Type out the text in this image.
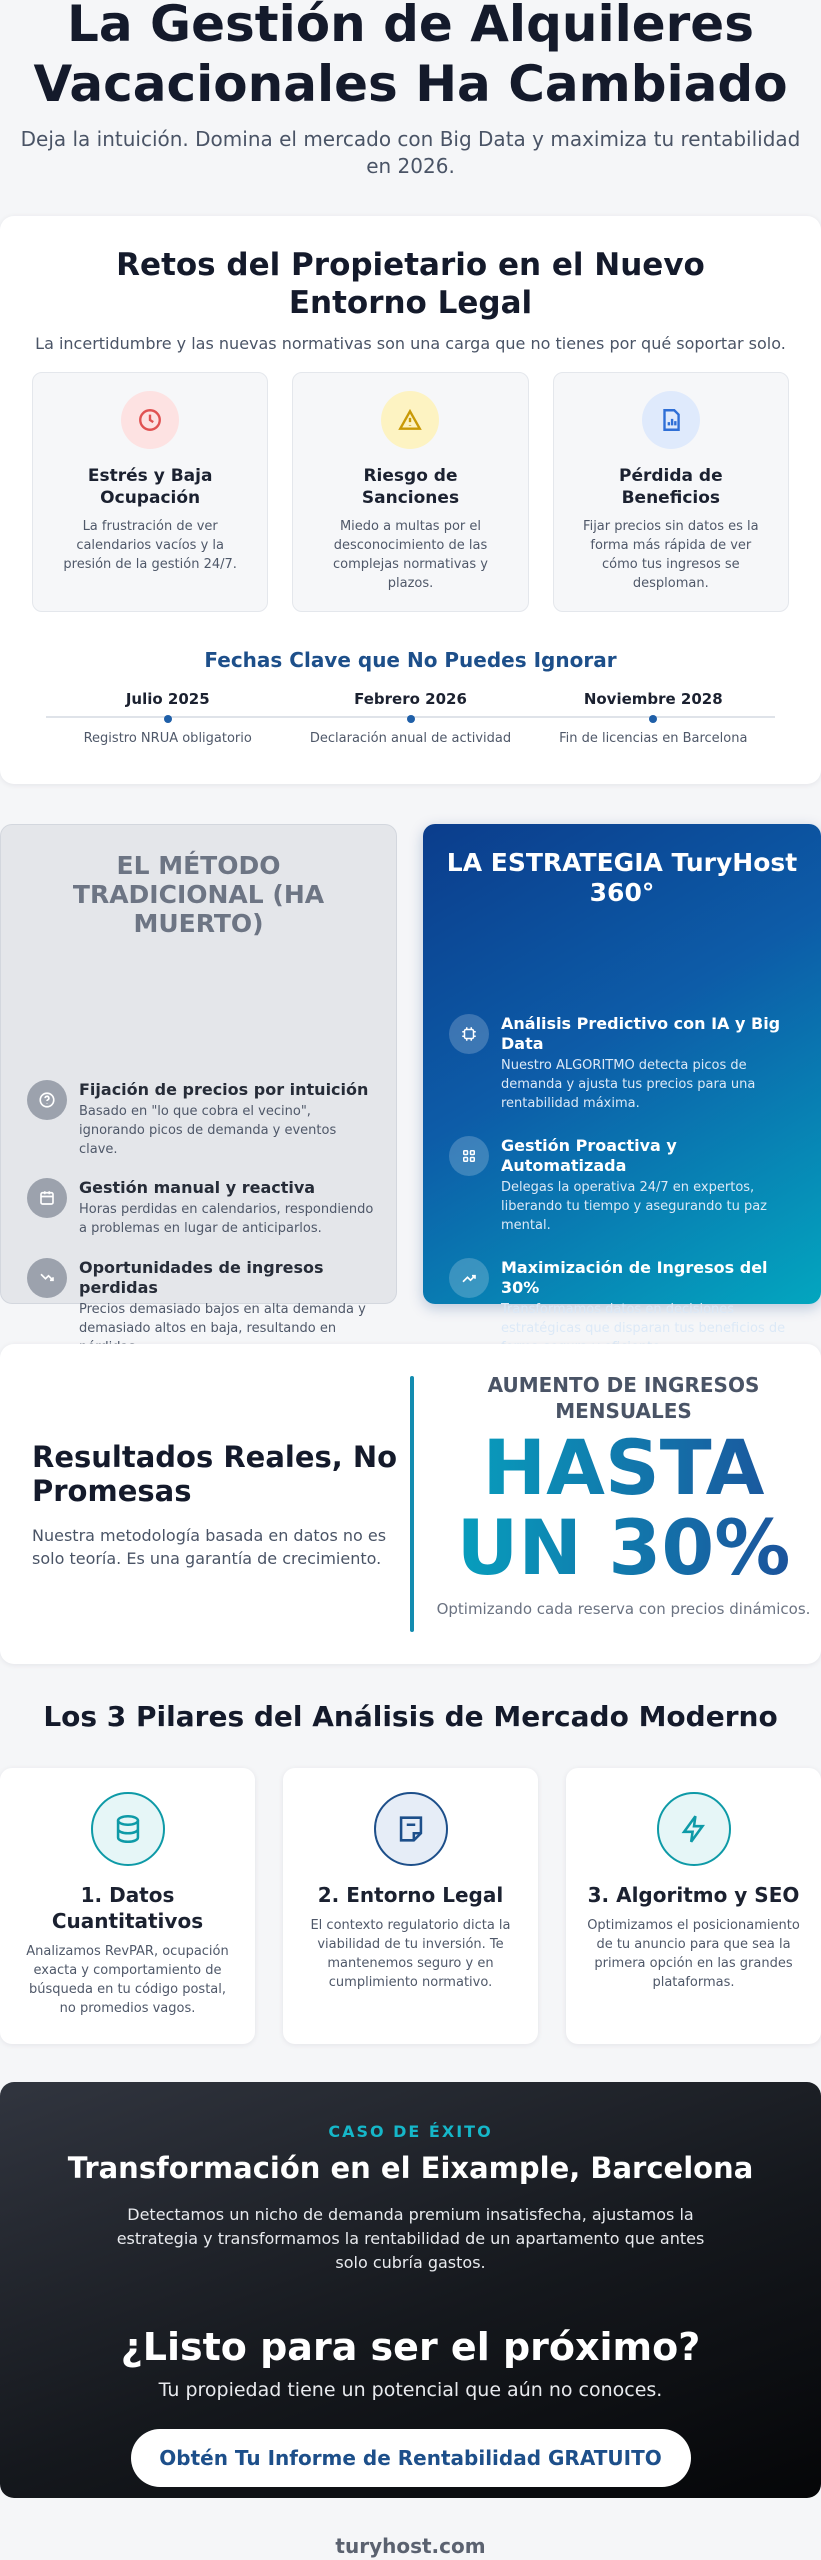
La Gestión de Alquileres
Vacacionales Ha Cambiado

Deja la intuición. Domina el mercado con Big Data y maximiza tu rentabilidad en 2026.

Retos del Propietario en el Nuevo Entorno Legal
La incertidumbre y las nuevas normativas son una carga que no tienes por qué soportar solo.
Estrés y Baja Ocupación

La frustración de ver calendarios vacíos y la presión de la gestión 24/7.

Riesgo de Sanciones

Miedo a multas por el desconocimiento de las complejas normativas y plazos.

Pérdida de Beneficios

Fijar precios sin datos es la forma más rápida de ver cómo tus ingresos se desploman.

Fechas Clave que No Puedes Ignorar
Julio 2025
Registro NRUA obligatorio
Febrero 2026
Declaración anual de actividad
Noviembre 2028
Fin de licencias en Barcelona
EL MÉTODO TRADICIONAL (HA MUERTO)
Fijación de precios por intuición

Basado en "lo que cobra el vecino", ignorando picos de demanda y eventos clave.

Gestión manual y reactiva

Horas perdidas en calendarios, respondiendo a problemas en lugar de anticiparlos.

Oportunidades de ingresos perdidas

Precios demasiado bajos en alta demanda y demasiado altos en baja, resultando en

LA ESTRATEGIA TuryHost 360°
Análisis Predictivo con IA y Big Data

Nuestro ALGORITMO detecta picos de demanda y ajusta tus precios para una rentabilidad máxima.

Gestión Proactiva y Automatizada

Delegas la operativa 24/7 en expertos, liberando tu tiempo y asegurando tu paz mental.

Maximización de Ingresos del 30%

Transformamos datos en decisiones estratégicas que disparan tus beneficios de

Resultados Reales, No Promesas

Nuestra metodología basada en datos no es solo teoría. Es una garantía de crecimiento.

AUMENTO DE INGRESOS MENSUALES
HASTA
UN 30%
Optimizando cada reserva con precios dinámicos.
Los 3 Pilares del Análisis de Mercado Moderno
1. Datos Cuantitativos

Analizamos RevPAR, ocupación exacta y comportamiento de búsqueda en tu código postal, no promedios vagos.

2. Entorno Legal

El contexto regulatorio dicta la viabilidad de tu inversión. Te mantenemos seguro y en cumplimiento normativo.

3. Algoritmo y SEO

Optimizamos el posicionamiento de tu anuncio para que sea la primera opción en las grandes plataformas.

CASO DE ÉXITO
Transformación en el Eixample, Barcelona

Detectamos un nicho de demanda premium insatisfecha, ajustamos la estrategia y transformamos la rentabilidad de un apartamento que antes solo cubría gastos.

¿Listo para ser el próximo?
Tu propiedad tiene un potencial que aún no conoces.
Obtén Tu Informe de Rentabilidad GRATUITO
turyhost.com
